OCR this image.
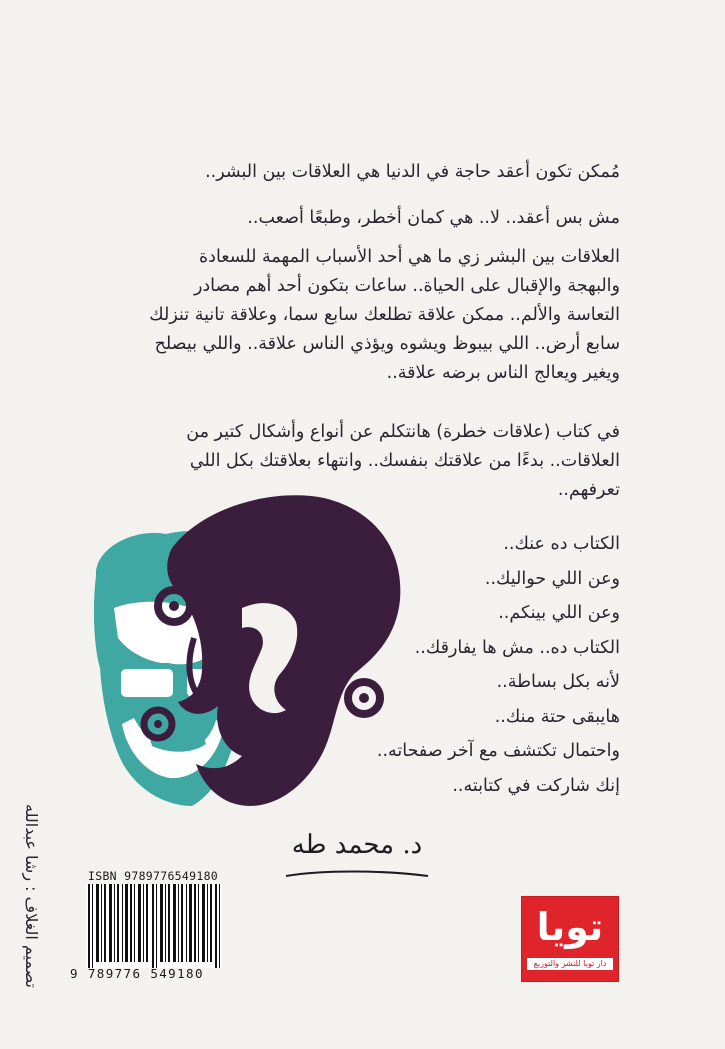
مُمكن تكون أعقد حاجة في الدنيا هي العلاقات بين البشر..
مش بس أعقد.. لا.. هي كمان أخطر، وطبعًا أصعب..
العلاقات بين البشر زي ما هي أحد الأسباب المهمة للسعادة
والبهجة والإقبال على الحياة.. ساعات بتكون أحد أهم مصادر
التعاسة والألم.. ممكن علاقة تطلعك سابع سما، وعلاقة تانية تنزلك
سابع أرض.. اللي بيبوظ ويشوه ويؤذي الناس علاقة.. واللي بيصلح
ويغير ويعالج الناس برضه علاقة..
في كتاب (علاقات خطرة) هانتكلم عن أنواع وأشكال كتير من
العلاقات.. بدءًا من علاقتك بنفسك.. وانتهاء بعلاقتك بكل اللي
تعرفهم..
الكتاب ده عنك..
وعن اللي حواليك..
وعن اللي بينكم..
الكتاب ده.. مش ها يفارقك..
لأنه بكل بساطة..
هايبقى حتة منك..
واحتمال تكتشف مع آخر صفحاته..
إنك شاركت في كتابته..
د. محمد طه
تصميم الغلاف : رشا عبدالله	ISBN 9789776549180
9 789776 549180
تويا
دار تويا للنشر والتوزيع
